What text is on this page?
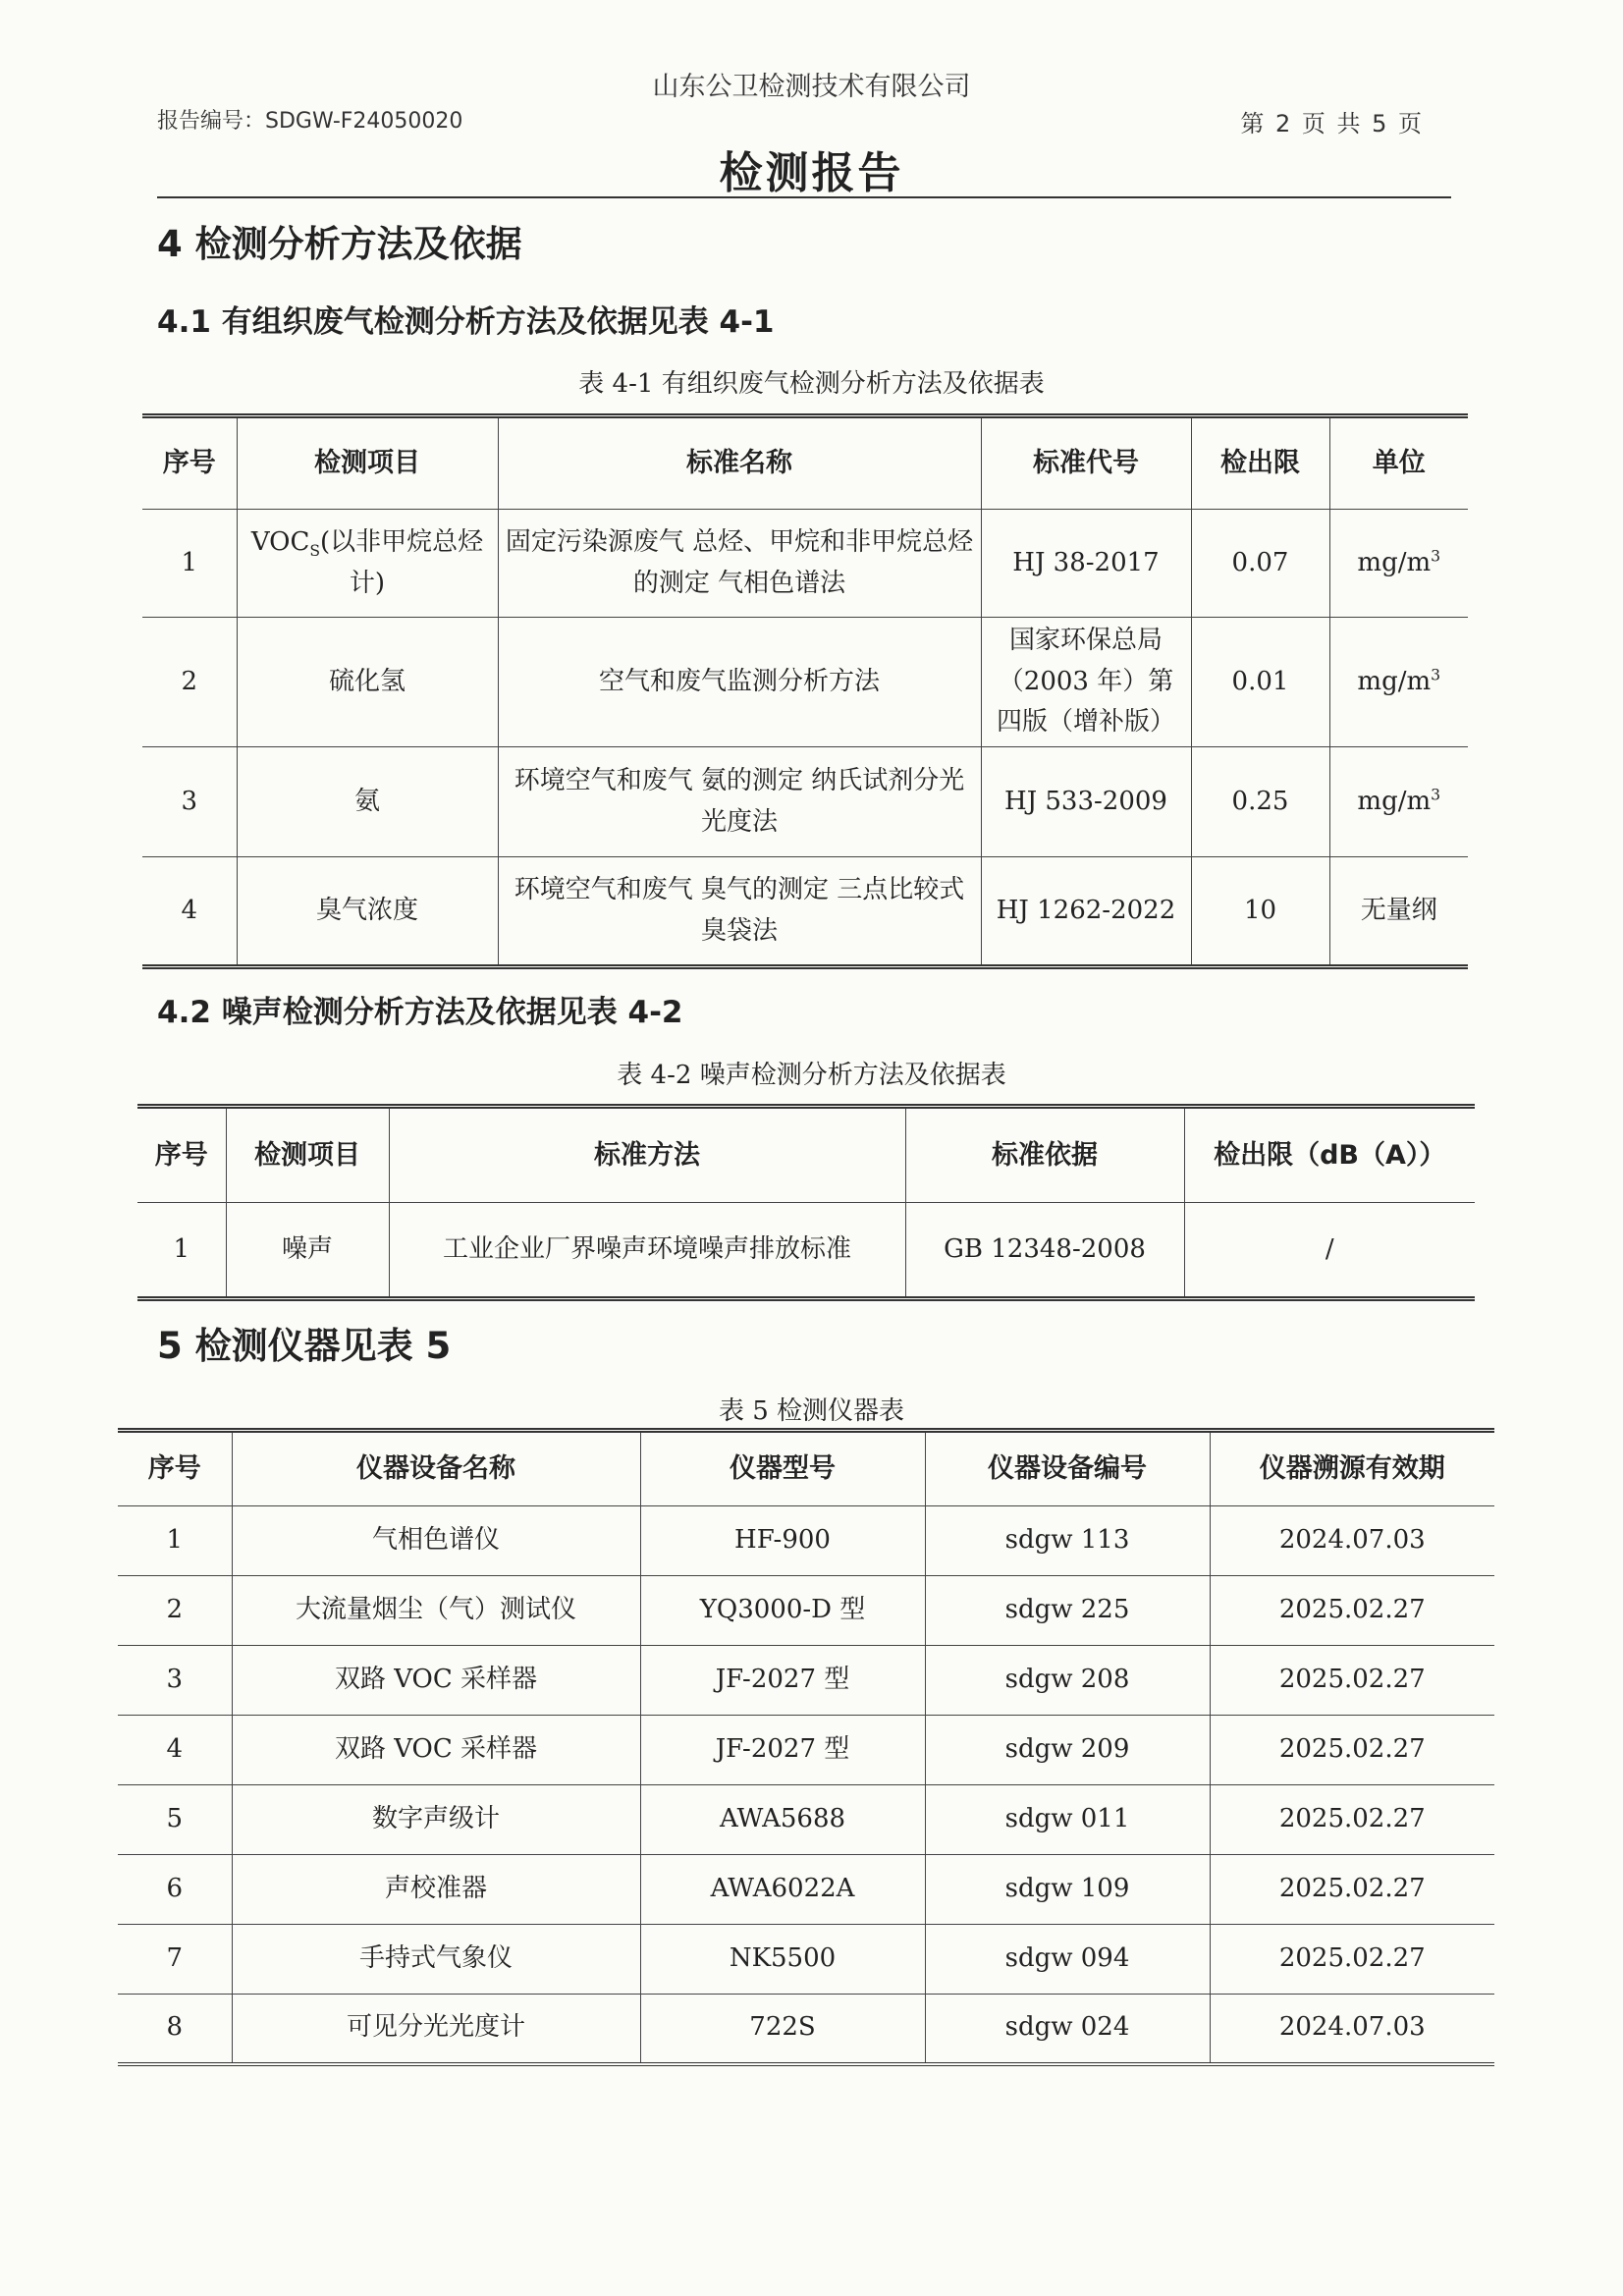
山东公卫检测技术有限公司
报告编号：SDGW-F24050020	第 2 页 共 5 页
检测报告
4 检测分析方法及依据
4.1 有组织废气检测分析方法及依据见表 4-1
表 4-1 有组织废气检测分析方法及依据表
序号	检测项目	标准名称	标准代号	检出限	单位
1	$VOC_S$(以非甲烷总烃计)	固定污染源废气 总烃、甲烷和非甲烷总烃的测定 气相色谱法	HJ 38-2017	0.07	$mg/m^3$
2	硫化氢	空气和废气监测分析方法	国家环保总局（2003 年）第四版（增补版）	0.01	$mg/m^3$
3	氨	环境空气和废气 氨的测定 纳氏试剂分光光度法	HJ 533-2009	0.25	$mg/m^3$
4	臭气浓度	环境空气和废气 臭气的测定 三点比较式臭袋法	HJ 1262-2022	10	无量纲
4.2 噪声检测分析方法及依据见表 4-2
表 4-2 噪声检测分析方法及依据表
序号	检测项目	标准方法	标准依据	检出限（dB（A））
1	噪声	工业企业厂界噪声环境噪声排放标准	GB 12348-2008	/
5 检测仪器见表 5
表 5 检测仪器表
序号	仪器设备名称	仪器型号	仪器设备编号	仪器溯源有效期
1	气相色谱仪	HF-900	sdgw 113	2024.07.03
2	大流量烟尘（气）测试仪	YQ3000-D 型	sdgw 225	2025.02.27
3	双路 VOC 采样器	JF-2027 型	sdgw 208	2025.02.27
4	双路 VOC 采样器	JF-2027 型	sdgw 209	2025.02.27
5	数字声级计	AWA5688	sdgw 011	2025.02.27
6	声校准器	AWA6022A	sdgw 109	2025.02.27
7	手持式气象仪	NK5500	sdgw 094	2025.02.27
8	可见分光光度计	722S	sdgw 024	2024.07.03
